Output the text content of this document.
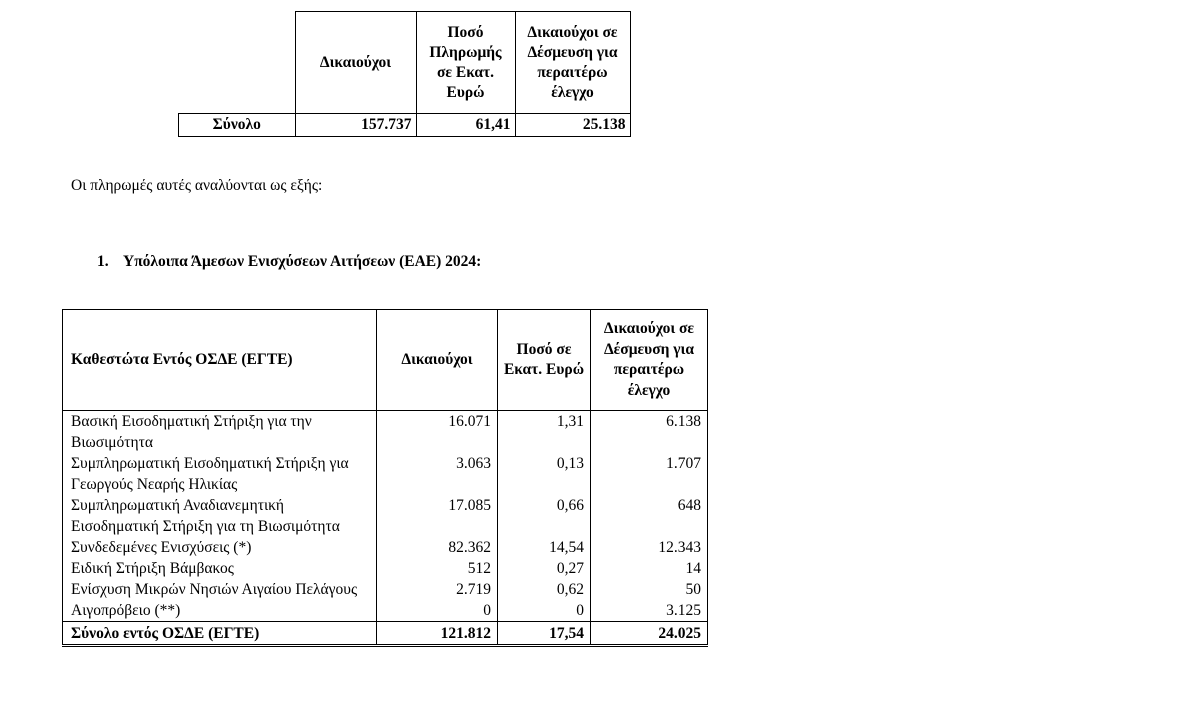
	Δικαιούχοι	Ποσό Πληρωμής σε Εκατ. Ευρώ	Δικαιούχοι σε Δέσμευση για περαιτέρω έλεγχο
Σύνολο	157.737	61,41	25.138
Οι πληρωμές αυτές αναλύονται ως εξής:
1. Υπόλοιπα Άμεσων Ενισχύσεων Αιτήσεων (ΕΑΕ) 2024:
Καθεστώτα Εντός ΟΣΔΕ (ΕΓΤΕ)	Δικαιούχοι	Ποσό σε Εκατ. Ευρώ	Δικαιούχοι σε Δέσμευση για περαιτέρω έλεγχο
Βασική Εισοδηματική Στήριξη για την Βιωσιμότητα	16.071	1,31	6.138
Συμπληρωματική Εισοδηματική Στήριξη για Γεωργούς Νεαρής Ηλικίας	3.063	0,13	1.707
Συμπληρωματική Αναδιανεμητική Εισοδηματική Στήριξη για τη Βιωσιμότητα	17.085	0,66	648
Συνδεδεμένες Ενισχύσεις (*)	82.362	14,54	12.343
Ειδική Στήριξη Βάμβακος	512	0,27	14
Ενίσχυση Μικρών Νησιών Αιγαίου Πελάγους	2.719	0,62	50
Αιγοπρόβειο (**)	0	0	3.125
Σύνολο εντός ΟΣΔΕ (ΕΓΤΕ)	121.812	17,54	24.025
